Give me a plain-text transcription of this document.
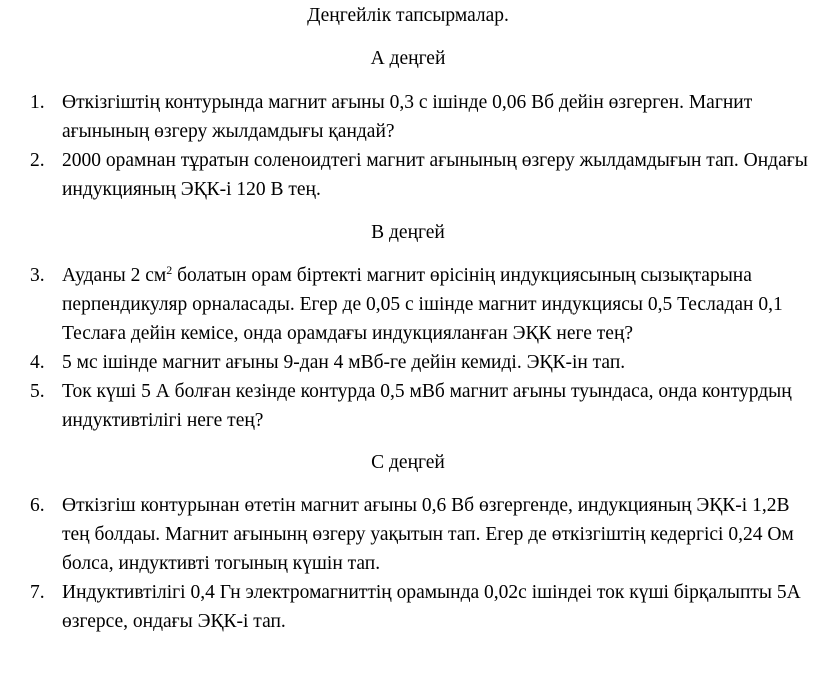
Деңгейлік тапсырмалар.
А деңгей
1. Өткізгіштің контурында магнит ағыны 0,3 с ішінде 0,06 Вб дейін өзгерген. Магнит ағынының өзгеру жылдамдығы қандай?
2. 2000 орамнан тұратын соленоидтегі магнит ағынының өзгеру жылдамдығын тап. Ондағы индукцияның ЭҚК-і 120 В тең.
В деңгей
3. Ауданы 2 $см^2$ болатын орам біртекті магнит өрісінің индукциясының сызықтарына перпендикуляр орналасады. Егер де 0,05 с ішінде магнит индукциясы 0,5 Тесладан 0,1 Теслаға дейін кемісе, онда орамдағы индукцияланған ЭҚК неге тең?
4. 5 мс ішінде магнит ағыны 9-дан 4 мВб-ге дейін кемиді. ЭҚК-ін тап.
5. Ток күші 5 А болған кезінде контурда 0,5 мВб магнит ағыны туындаса, онда контурдың индуктивтілігі неге тең?
С деңгей
6. Өткізгіш контурынан өтетін магнит ағыны 0,6 Вб өзгергенде, индукцияның ЭҚК-і 1,2В тең болдаы. Магнит ағынынң өзгеру уақытын тап. Егер де өткізгіштің кедергісі 0,24 Ом болса, индуктивті тогының күшін тап.
7. Индуктивтілігі 0,4 Гн электромагниттің орамында 0,02с ішіндеі ток күші бірқалыпты 5А өзгерсе, ондағы ЭҚК-і тап.
